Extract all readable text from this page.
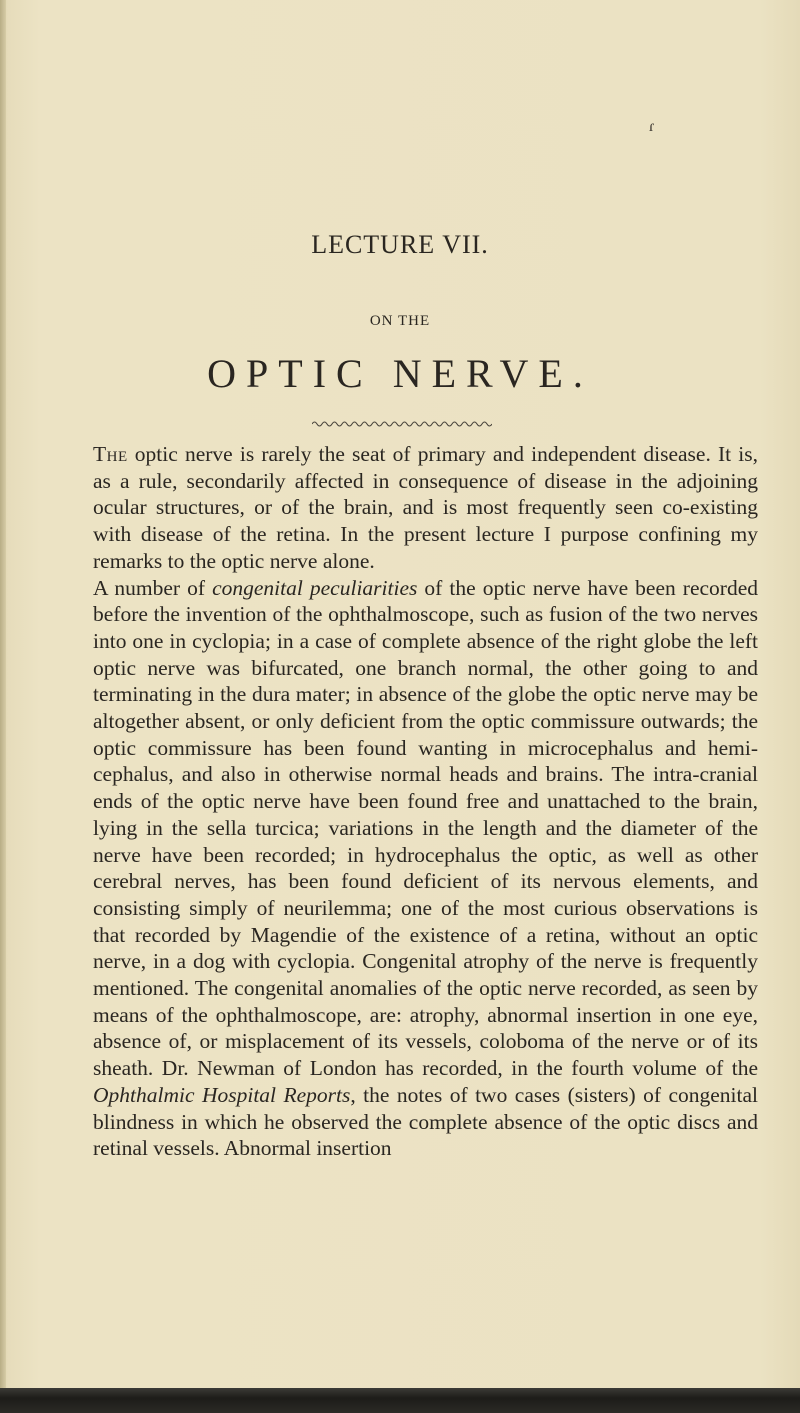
ɾ
LECTURE VII.
ON THE
OPTIC NERVE.

The optic nerve is rarely the seat of primary and independent disease. It is, as a rule, secondarily affected in consequence of disease in the adjoining ocular structures, or of the brain, and is most frequently seen co-existing with disease of the retina. In the present lecture I purpose confining my remarks to the optic nerve alone.

A number of congenital peculiarities of the optic nerve have been recorded before the invention of the ophthalmoscope, such as fusion of the two nerves into one in cyclopia; in a case of complete absence of the right globe the left optic nerve was bifurcated, one branch normal, the other going to and terminating in the dura mater; in absence of the globe the optic nerve may be altogether absent, or only deficient from the optic commissure outwards; the optic commissure has been found wanting in microcephalus and hemi-cephalus, and also in otherwise normal heads and brains. The intra-cranial ends of the optic nerve have been found free and unattached to the brain, lying in the sella turcica; variations in the length and the diameter of the nerve have been recorded; in hydrocephalus the optic, as well as other cerebral nerves, has been found deficient of its nervous elements, and consisting simply of neurilemma; one of the most curious observations is that recorded by Magendie of the existence of a retina, without an optic nerve, in a dog with cyclopia. Congenital atrophy of the nerve is frequently mentioned. The congenital anomalies of the optic nerve recorded, as seen by means of the ophthalmoscope, are: atrophy, abnormal insertion in one eye, absence of, or misplacement of its vessels, coloboma of the nerve or of its sheath. Dr. Newman of London has recorded, in the fourth volume of the Ophthalmic Hospital Reports, the notes of two cases (sisters) of congenital blindness in which he observed the complete absence of the optic discs and retinal vessels. Abnormal insertion
